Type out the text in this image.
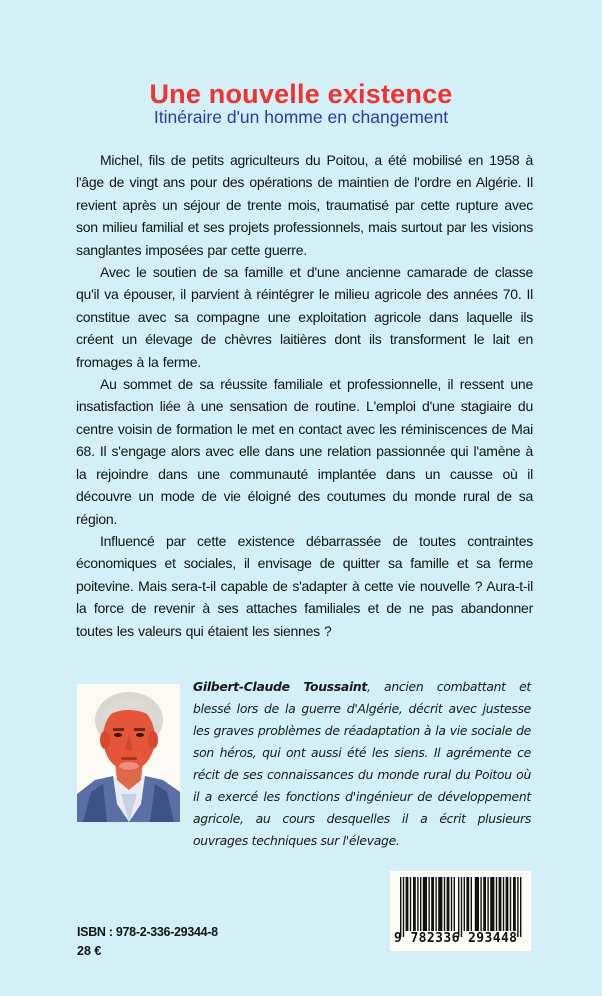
Une nouvelle existence
Itinéraire d'un homme en changement

Michel, fils de petits agriculteurs du Poitou, a été mobilisé en 1958 à l'âge de vingt ans pour des opérations de maintien de l'ordre en Algérie. Il revient après un séjour de trente mois, traumatisé par cette rupture avec son milieu familial et ses projets professionnels, mais surtout par les visions sanglantes imposées par cette guerre.

Avec le soutien de sa famille et d'une ancienne camarade de classe qu'il va épouser, il parvient à réintégrer le milieu agricole des années 70. Il constitue avec sa compagne une exploitation agricole dans laquelle ils créent un élevage de chèvres laitières dont ils transforment le lait en fromages à la ferme.

Au sommet de sa réussite familiale et professionnelle, il ressent une insatisfaction liée à une sensation de routine. L'emploi d'une stagiaire du centre voisin de formation le met en contact avec les réminiscences de Mai 68. Il s'engage alors avec elle dans une relation passionnée qui l'amène à la rejoindre dans une communauté implantée dans un causse où il découvre un mode de vie éloigné des coutumes du monde rural de sa région.

Influencé par cette existence débarrassée de toutes contraintes économiques et sociales, il envisage de quitter sa famille et sa ferme poitevine. Mais sera-t-il capable de s'adapter à cette vie nouvelle ? Aura-t-il la force de revenir à ses attaches familiales et de ne pas abandonner toutes les valeurs qui étaient les siennes ?

Gilbert-Claude Toussaint, ancien combattant et blessé lors de la guerre d'Algérie, décrit avec justesse les graves problèmes de réadaptation à la vie sociale de son héros, qui ont aussi été les siens. Il agrémente ce récit de ses connaissances du monde rural du Poitou où il a exercé les fonctions d'ingénieur de développement agricole, au cours desquelles il a écrit plusieurs ouvrages techniques sur l'élevage.

ISBN : 978-2-336-29344-8
28 €
9 782336 293448
